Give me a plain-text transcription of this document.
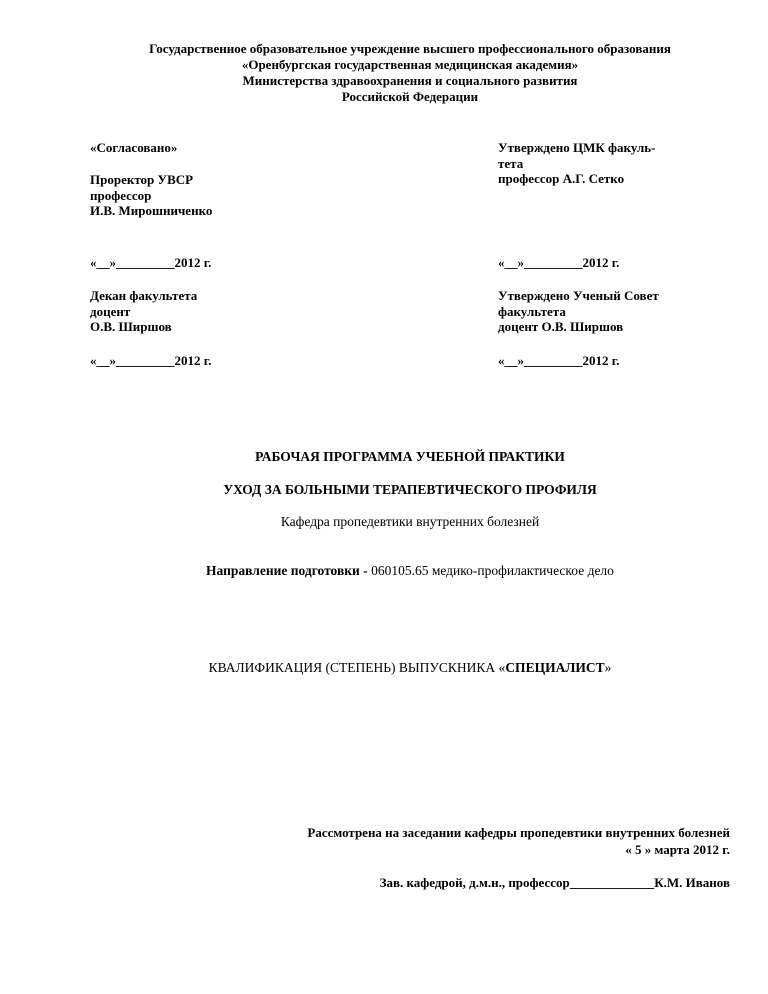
Государственное образовательное учреждение высшего профессионального образования
«Оренбургская государственная медицинская академия»
Министерства здравоохранения и социального развития
Российской Федерации
«Согласовано»
Проректор УВСР
профессор
И.В. Мирошниченко
«__»_________2012 г.
Декан факультета
доцент
О.В. Ширшов
«__»_________2012 г.
Утверждено ЦМК факуль-
тета
профессор А.Г. Сетко
«__»_________2012 г.
Утверждено Ученый Совет
факультета
доцент О.В. Ширшов
«__»_________2012 г.
РАБОЧАЯ ПРОГРАММА УЧЕБНОЙ ПРАКТИКИ
УХОД ЗА БОЛЬНЫМИ ТЕРАПЕВТИЧЕСКОГО ПРОФИЛЯ
Кафедра пропедевтики внутренних болезней
Направление подготовки - 060105.65 медико-профилактическое дело
КВАЛИФИКАЦИЯ (СТЕПЕНЬ) ВЫПУСКНИКА «СПЕЦИАЛИСТ»
Рассмотрена на заседании кафедры пропедевтики внутренних болезней
« 5 » марта 2012 г.
Зав. кафедрой, д.м.н., профессор_____________К.М. Иванов
